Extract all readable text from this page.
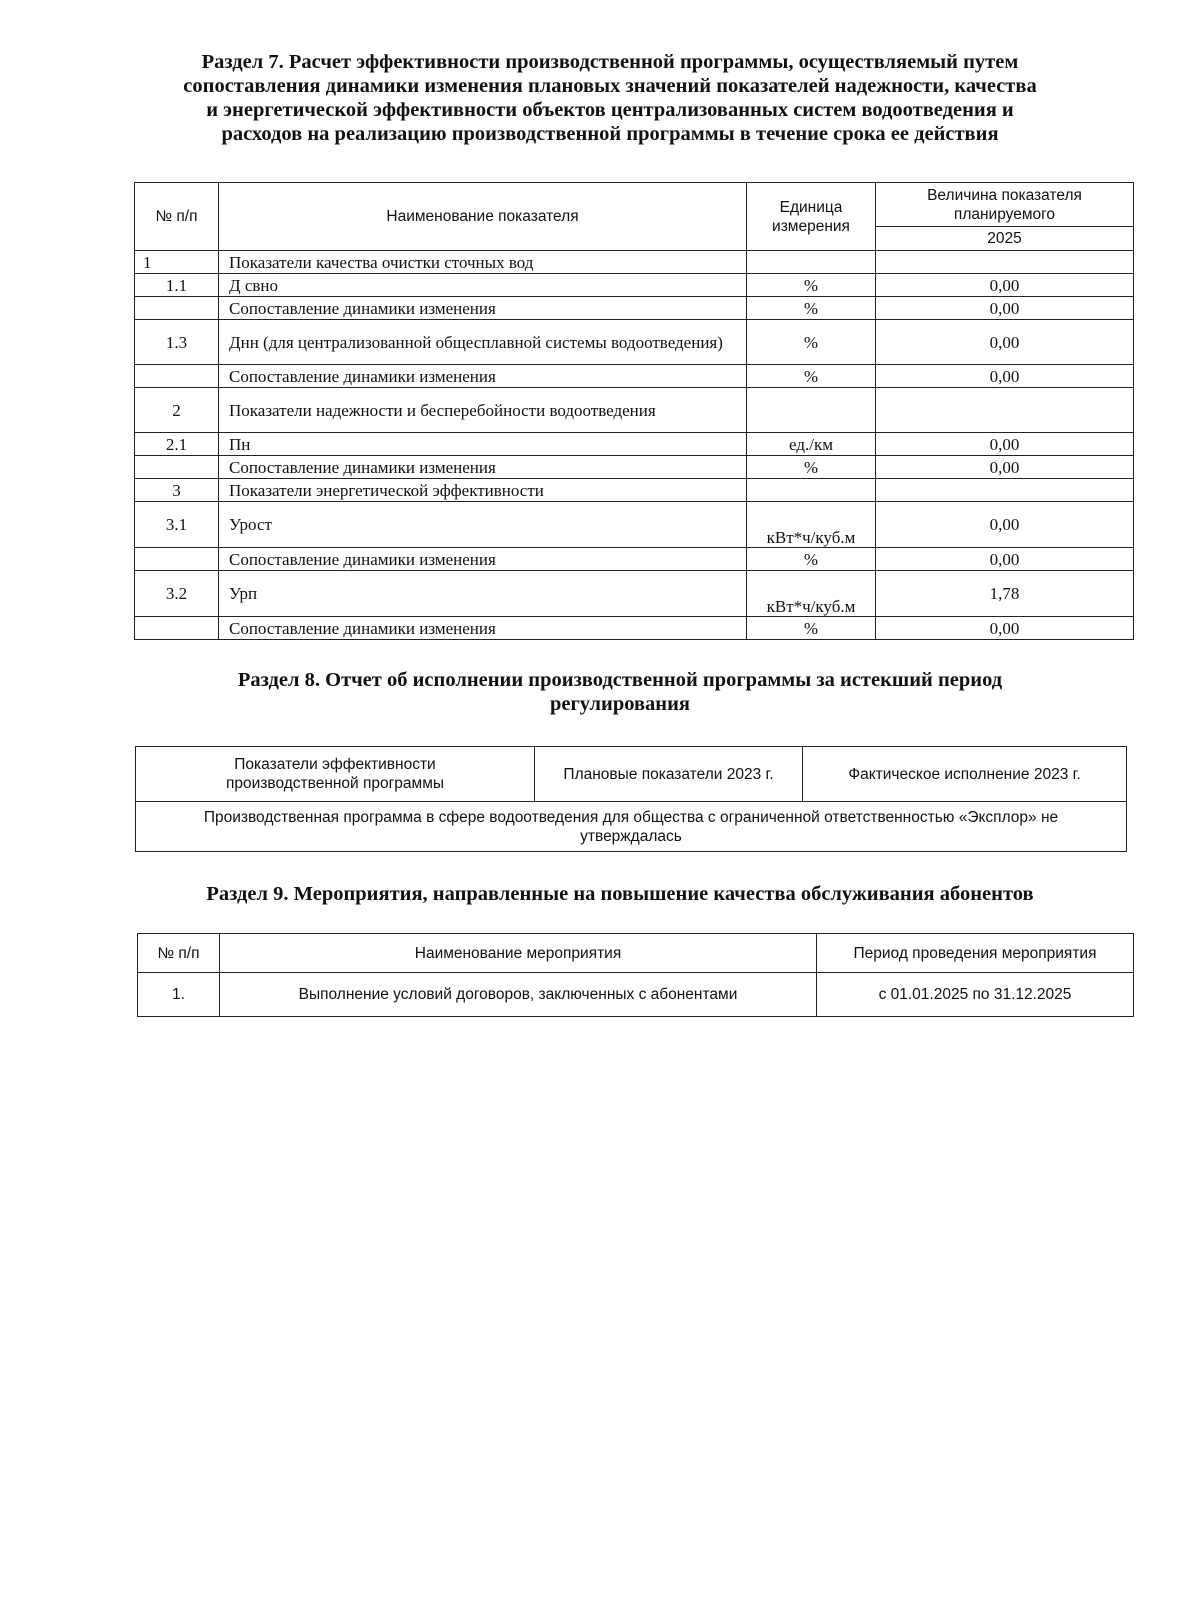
Раздел 7. Расчет эффективности производственной программы, осуществляемый путем
сопоставления динамики изменения плановых значений показателей надежности, качества
и энергетической эффективности объектов централизованных систем водоотведения и
расходов на реализацию производственной программы в течение срока ее действия
№ п/п	Наименование показателя	Единица измерения	Величина показателя планируемого
			2025
1	Показатели качества очистки сточных вод		
1.1	Д свно	%	0,00
	Сопоставление динамики изменения	%	0,00
1.3	Днн (для централизованной общесплавной системы водоотведения)	%	0,00
	Сопоставление динамики изменения	%	0,00
2	Показатели надежности и бесперебойности водоотведения		
2.1	Пн	ед./км	0,00
	Сопоставление динамики изменения	%	0,00
3	Показатели энергетической эффективности		
3.1	Урост	кВт*ч/куб.м	0,00
	Сопоставление динамики изменения	%	0,00
3.2	Урп	кВт*ч/куб.м	1,78
	Сопоставление динамики изменения	%	0,00
Раздел 8. Отчет об исполнении производственной программы за истекший период
регулирования
Показатели эффективности производственной программы	Плановые показатели 2023 г.	Фактическое исполнение 2023 г.
Производственная программа в сфере водоотведения для общества с ограниченной ответственностью «Эксплор» не утверждалась
Раздел 9. Мероприятия, направленные на повышение качества обслуживания абонентов
№ п/п	Наименование мероприятия	Период проведения мероприятия
1.	Выполнение условий договоров, заключенных с абонентами	с 01.01.2025 по 31.12.2025
